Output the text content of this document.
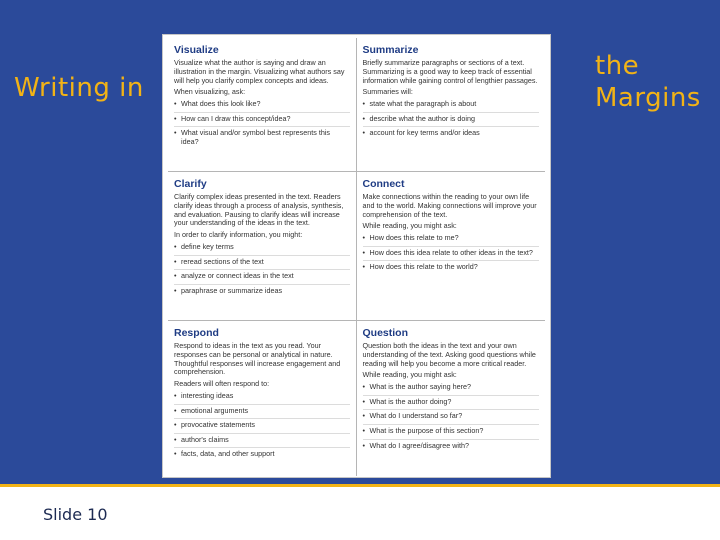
Writing in
the Margins
Visualize
Visualize what the author is saying and draw an illustration in the margin. Visualizing what authors say will help you clarify complex concepts and ideas.
When visualizing, ask:
• What does this look like?
• How can I draw this concept/idea?
• What visual and/or symbol best represents this idea?
Summarize
Briefly summarize paragraphs or sections of a text. Summarizing is a good way to keep track of essential information while gaining control of lengthier passages.
Summaries will:
• state what the paragraph is about
• describe what the author is doing
• account for key terms and/or ideas
Clarify
Clarify complex ideas presented in the text. Readers clarify ideas through a process of analysis, synthesis, and evaluation. Pausing to clarify ideas will increase your understanding of the ideas in the text.
In order to clarify information, you might:
• define key terms
• reread sections of the text
• analyze or connect ideas in the text
• paraphrase or summarize ideas
Connect
Make connections within the reading to your own life and to the world. Making connections will improve your comprehension of the text.
While reading, you might ask:
• How does this relate to me?
• How does this idea relate to other ideas in the text?
• How does this relate to the world?
Respond
Respond to ideas in the text as you read. Your responses can be personal or analytical in nature. Thoughtful responses will increase engagement and comprehension.
Readers will often respond to:
• interesting ideas
• emotional arguments
• provocative statements
• author's claims
• facts, data, and other support
Question
Question both the ideas in the text and your own understanding of the text. Asking good questions while reading will help you become a more critical reader.
While reading, you might ask:
• What is the author saying here?
• What is the author doing?
• What do I understand so far?
• What is the purpose of this section?
• What do I agree/disagree with?
Slide 10
